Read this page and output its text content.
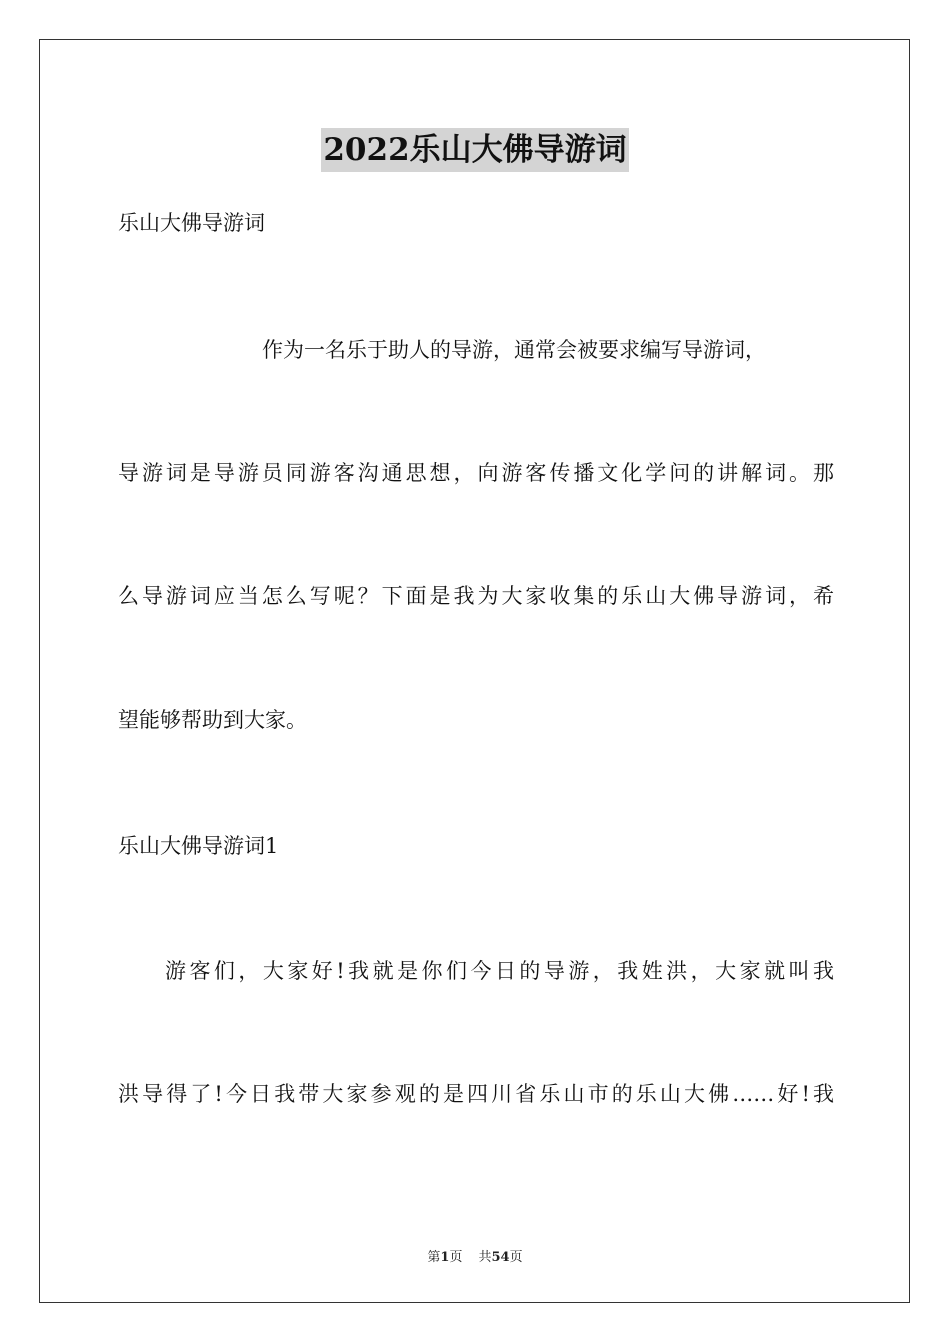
2022乐山大佛导游词
乐山大佛导游词
作为一名乐于助人的导游，通常会被要求编写导游词，
导游词是导游员同游客沟通思想，向游客传播文化学问的讲解词。那
么导游词应当怎么写呢？下面是我为大家收集的乐山大佛导游词，希
望能够帮助到大家。
乐山大佛导游词1
游客们，大家好!我就是你们今日的导游，我姓洪，大家就叫我
洪导得了!今日我带大家参观的是四川省乐山市的乐山大佛……好!我
第1页 共54页
